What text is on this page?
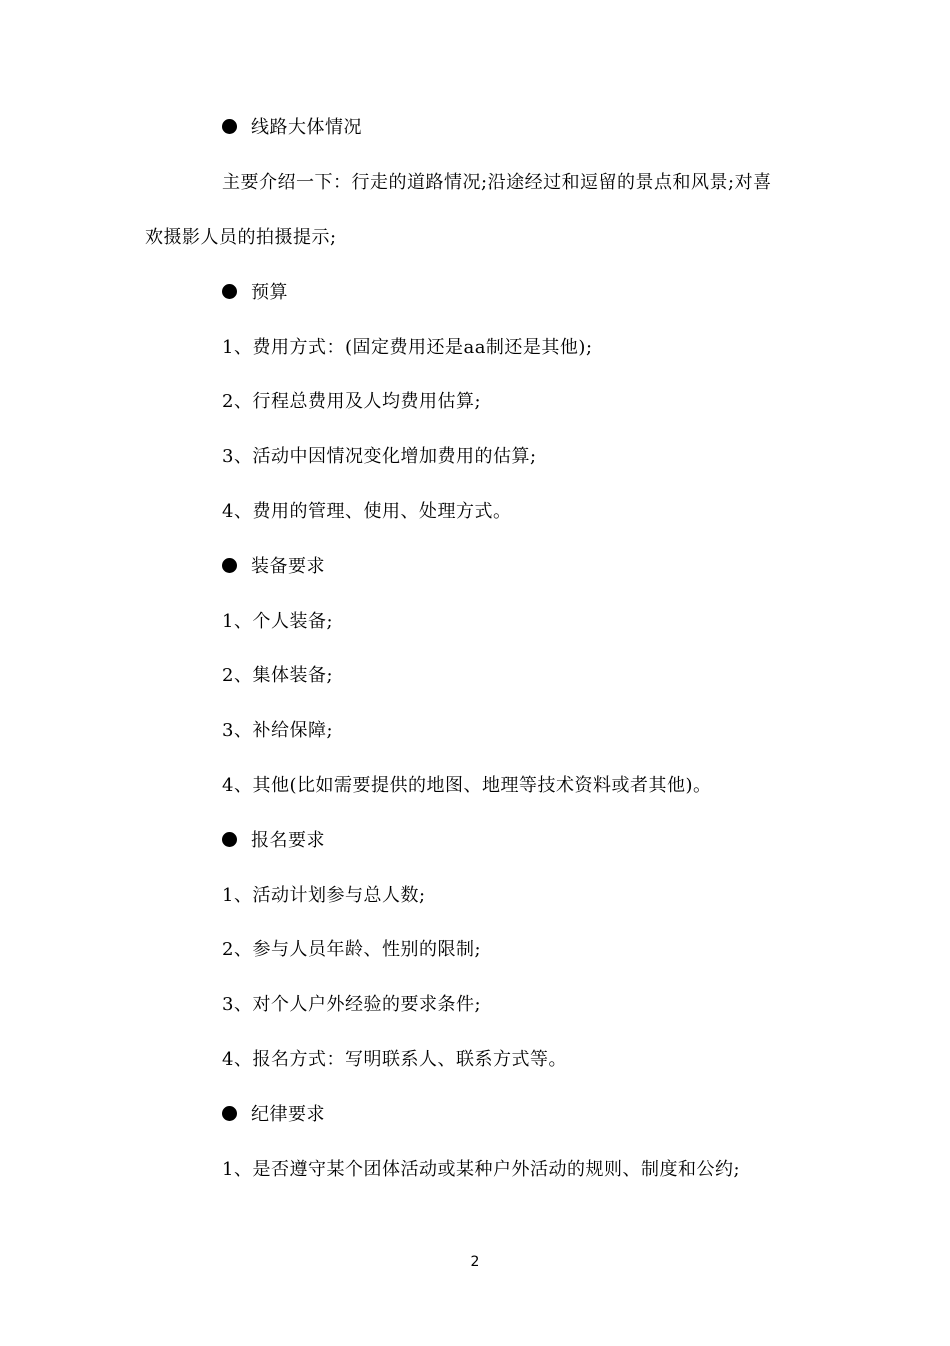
线路大体情况
主要介绍一下：行走的道路情况;沿途经过和逗留的景点和风景;对喜
欢摄影人员的拍摄提示;
预算
1、费用方式：(固定费用还是aa制还是其他);
2、行程总费用及人均费用估算;
3、活动中因情况变化增加费用的估算;
4、费用的管理、使用、处理方式。
装备要求
1、个人装备;
2、集体装备;
3、补给保障;
4、其他(比如需要提供的地图、地理等技术资料或者其他)。
报名要求
1、活动计划参与总人数;
2、参与人员年龄、性别的限制;
3、对个人户外经验的要求条件;
4、报名方式：写明联系人、联系方式等。
纪律要求
1、是否遵守某个团体活动或某种户外活动的规则、制度和公约;
2
